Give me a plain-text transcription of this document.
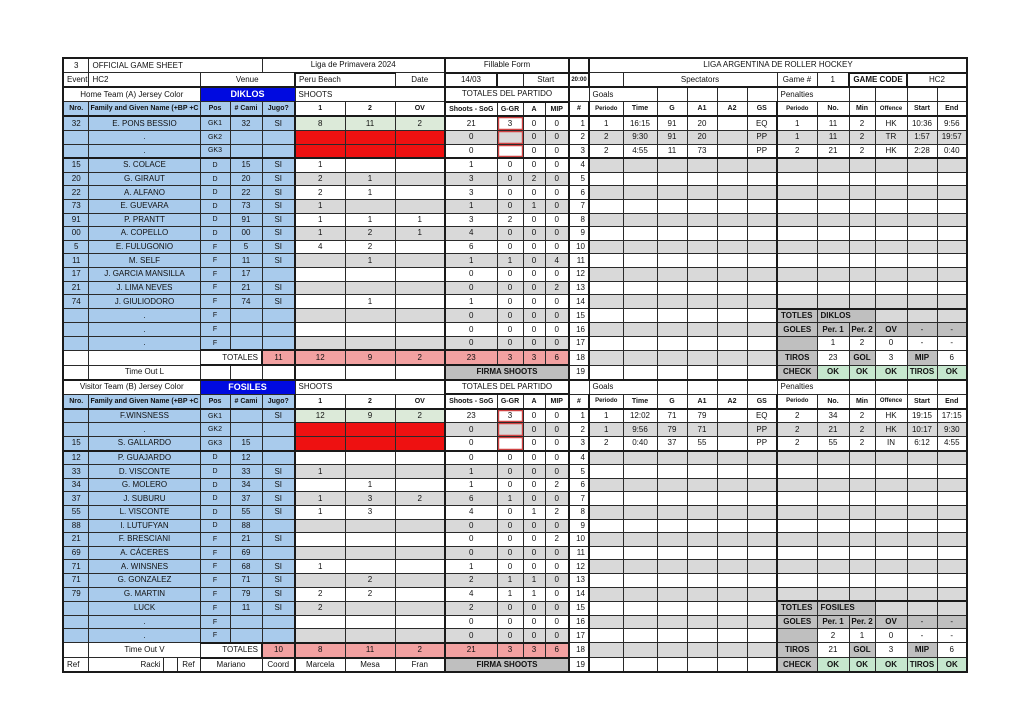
3	OFFICIAL GAME SHEET			Liga de Primavera 2024				Fillable Form					LIGA ARGENTINA DE ROLLER HOCKEY											
Event	HC2	Venue			Peru Beach		Date	14/03		Start		20:00		Spectators					Game #	1	GAME CODE		HC2	
Home Team (A) Jersey Color		DIKLOS			SHOOTS			TOTALES DEL PARTIDO					Goals						Penalties					
Nro.	Family and Given Name (+BP +C	Pos	# Cami	Jugo?	1	2	OV	Shoots - SoG	G-GR	A	MIP	#	Periodo	Time	G	A1	A2	GS	Periodo	No.	Min	Offence	Start	End
32	E. PONS BESSIO	GK1	32	SI	8	11	2	21	3	0	0	1	1	16:15	91	20		EQ	1	11	2	HK	10:36	9:56
	.	GK2						0		0	0	2	2	9:30	91	20		PP	1	11	2	TR	1:57	19:57
	.	GK3						0		0	0	3	2	4:55	11	73		PP	2	21	2	HK	2:28	0:40
15	S. COLACE	D	15	SI	1			1	0	0	0	4												
20	G. GIRAUT	D	20	SI	2	1		3	0	2	0	5												
22	A. ALFANO	D	22	SI	2	1		3	0	0	0	6												
73	E. GUEVARA	D	73	SI	1			1	0	1	0	7												
91	P. PRANTT	D	91	SI	1	1	1	3	2	0	0	8												
00	A. COPELLO	D	00	SI	1	2	1	4	0	0	0	9												
5	E. FULUGONIO	F	5	SI	4	2		6	0	0	0	10												
11	M. SELF	F	11	SI		1		1	1	0	4	11												
17	J. GARCIA MANSILLA	F	17					0	0	0	0	12												
21	J. LIMA NEVES	F	21	SI				0	0	0	2	13												
74	J. GIULIODORO	F	74	SI		1		1	0	0	0	14												
	.	F						0	0	0	0	15							TOTLES	DIKLOS				
	.	F						0	0	0	0	16							GOLES	Per. 1	Per. 2	OV	-	-
	.	F						0	0	0	0	17								1	2	0	-	-
		TOTALES		11	12	9	2	23	3	3	6	18							TIROS	23	GOL	3	MIP	6
	Time Out L							FIRMA SHOOTS				19							CHECK	OK	OK	OK	TIROS	OK
Visitor Team (B) Jersey Color		FOSILES			SHOOTS			TOTALES DEL PARTIDO					Goals						Penalties					
Nro.	Family and Given Name (+BP +C	Pos	# Cami	Jugo?	1	2	OV	Shoots - SoG	G-GR	A	MIP	#	Periodo	Time	G	A1	A2	GS	Periodo	No.	Min	Offence	Start	End
	F.WINSNESS	GK1		SI	12	9	2	23	3	0	0	1	1	12:02	71	79		EQ	2	34	2	HK	19:15	17:15
	.	GK2						0		0	0	2	1	9:56	79	71		PP	2	21	2	HK	10:17	9:30
15	S. GALLARDO	GK3	15					0		0	0	3	2	0:40	37	55		PP	2	55	2	IN	6:12	4:55
12	P. GUAJARDO	D	12					0	0	0	0	4												
33	D. VISCONTE	D	33	SI	1			1	0	0	0	5												
34	G. MOLERO	D	34	SI		1		1	0	0	2	6												
37	J. SUBURU	D	37	SI	1	3	2	6	1	0	0	7												
55	L. VISCONTE	D	55	SI	1	3		4	0	1	2	8												
88	I. LUTUFYAN	D	88					0	0	0	0	9												
21	F. BRESCIANI	F	21	SI				0	0	0	2	10												
69	A. CÁCERES	F	69					0	0	0	0	11												
71	A. WINSNES	F	68	SI	1			1	0	0	0	12												
71	G. GONZALEZ	F	71	SI		2		2	1	1	0	13												
79	G. MARTIN	F	79	SI	2	2		4	1	1	0	14												
	LUCK	F	11	SI	2			2	0	0	0	15							TOTLES	FOSILES				
	.	F						0	0	0	0	16							GOLES	Per. 1	Per. 2	OV	-	-
	.	F						0	0	0	0	17								2	1	0	-	-
	Time Out V	TOTALES		10	8	11	2	21	3	3	6	18							TIROS	21	GOL	3	MIP	6
Ref	Racki Ref	Mariano		Coord	Marcela	Mesa	Fran	FIRMA SHOOTS				19							CHECK	OK	OK	OK	TIROS	OK
